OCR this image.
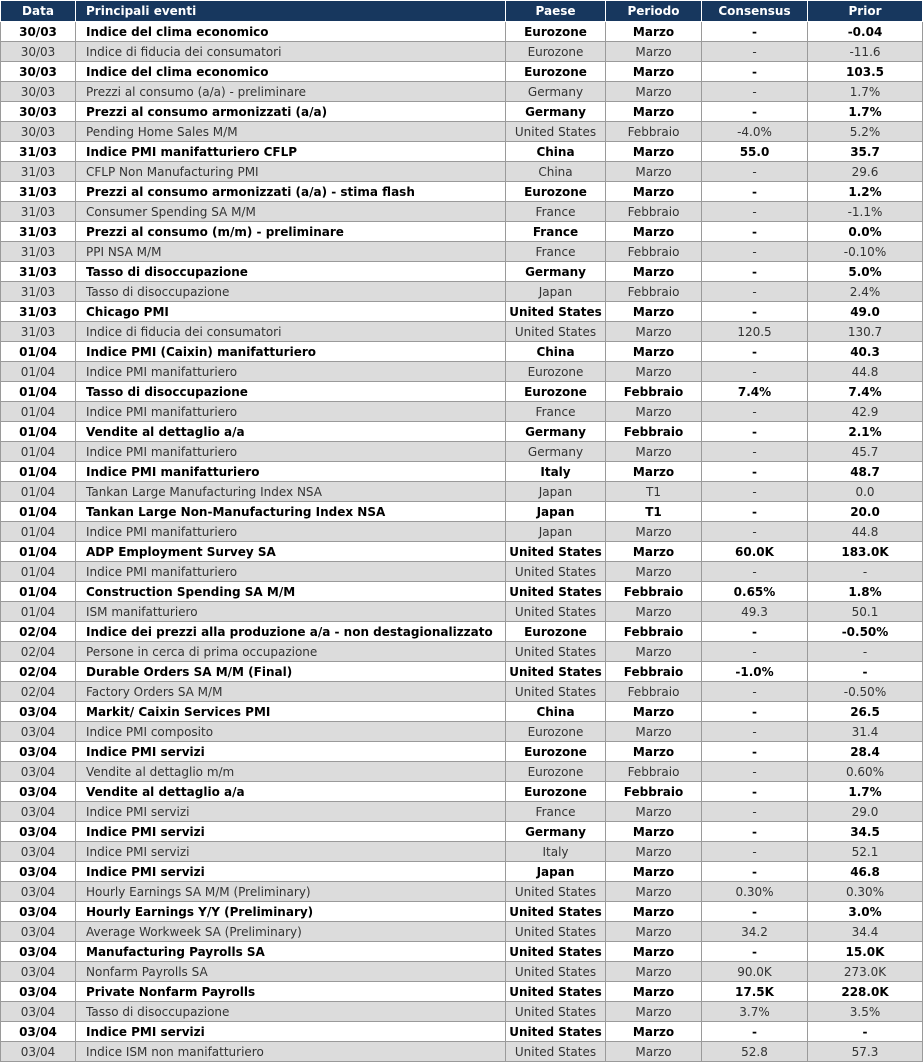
Data	Principali eventi	Paese	Periodo	Consensus	Prior
30/03	Indice del clima economico	Eurozone	Marzo	-	-0.04
30/03	Indice di fiducia dei consumatori	Eurozone	Marzo	-	-11.6
30/03	Indice del clima economico	Eurozone	Marzo	-	103.5
30/03	Prezzi al consumo (a/a) - preliminare	Germany	Marzo	-	1.7%
30/03	Prezzi al consumo armonizzati (a/a)	Germany	Marzo	-	1.7%
30/03	Pending Home Sales M/M	United States	Febbraio	-4.0%	5.2%
31/03	Indice PMI manifatturiero CFLP	China	Marzo	55.0	35.7
31/03	CFLP Non Manufacturing PMI	China	Marzo	-	29.6
31/03	Prezzi al consumo armonizzati (a/a) - stima flash	Eurozone	Marzo	-	1.2%
31/03	Consumer Spending SA M/M	France	Febbraio	-	-1.1%
31/03	Prezzi al consumo (m/m) - preliminare	France	Marzo	-	0.0%
31/03	PPI NSA M/M	France	Febbraio	-	-0.10%
31/03	Tasso di disoccupazione	Germany	Marzo	-	5.0%
31/03	Tasso di disoccupazione	Japan	Febbraio	-	2.4%
31/03	Chicago PMI	United States	Marzo	-	49.0
31/03	Indice di fiducia dei consumatori	United States	Marzo	120.5	130.7
01/04	Indice PMI (Caixin) manifatturiero	China	Marzo	-	40.3
01/04	Indice PMI manifatturiero	Eurozone	Marzo	-	44.8
01/04	Tasso di disoccupazione	Eurozone	Febbraio	7.4%	7.4%
01/04	Indice PMI manifatturiero	France	Marzo	-	42.9
01/04	Vendite al dettaglio a/a	Germany	Febbraio	-	2.1%
01/04	Indice PMI manifatturiero	Germany	Marzo	-	45.7
01/04	Indice PMI manifatturiero	Italy	Marzo	-	48.7
01/04	Tankan Large Manufacturing Index NSA	Japan	T1	-	0.0
01/04	Tankan Large Non-Manufacturing Index NSA	Japan	T1	-	20.0
01/04	Indice PMI manifatturiero	Japan	Marzo	-	44.8
01/04	ADP Employment Survey SA	United States	Marzo	60.0K	183.0K
01/04	Indice PMI manifatturiero	United States	Marzo	-	-
01/04	Construction Spending SA M/M	United States	Febbraio	0.65%	1.8%
01/04	ISM manifatturiero	United States	Marzo	49.3	50.1
02/04	Indice dei prezzi alla produzione a/a - non destagionalizzato	Eurozone	Febbraio	-	-0.50%
02/04	Persone in cerca di prima occupazione	United States	Marzo	-	-
02/04	Durable Orders SA M/M (Final)	United States	Febbraio	-1.0%	-
02/04	Factory Orders SA M/M	United States	Febbraio	-	-0.50%
03/04	Markit/ Caixin Services PMI	China	Marzo	-	26.5
03/04	Indice PMI composito	Eurozone	Marzo	-	31.4
03/04	Indice PMI servizi	Eurozone	Marzo	-	28.4
03/04	Vendite al dettaglio m/m	Eurozone	Febbraio	-	0.60%
03/04	Vendite al dettaglio a/a	Eurozone	Febbraio	-	1.7%
03/04	Indice PMI servizi	France	Marzo	-	29.0
03/04	Indice PMI servizi	Germany	Marzo	-	34.5
03/04	Indice PMI servizi	Italy	Marzo	-	52.1
03/04	Indice PMI servizi	Japan	Marzo	-	46.8
03/04	Hourly Earnings SA M/M (Preliminary)	United States	Marzo	0.30%	0.30%
03/04	Hourly Earnings Y/Y (Preliminary)	United States	Marzo	-	3.0%
03/04	Average Workweek SA (Preliminary)	United States	Marzo	34.2	34.4
03/04	Manufacturing Payrolls SA	United States	Marzo	-	15.0K
03/04	Nonfarm Payrolls SA	United States	Marzo	90.0K	273.0K
03/04	Private Nonfarm Payrolls	United States	Marzo	17.5K	228.0K
03/04	Tasso di disoccupazione	United States	Marzo	3.7%	3.5%
03/04	Indice PMI servizi	United States	Marzo	-	-
03/04	Indice ISM non manifatturiero	United States	Marzo	52.8	57.3
